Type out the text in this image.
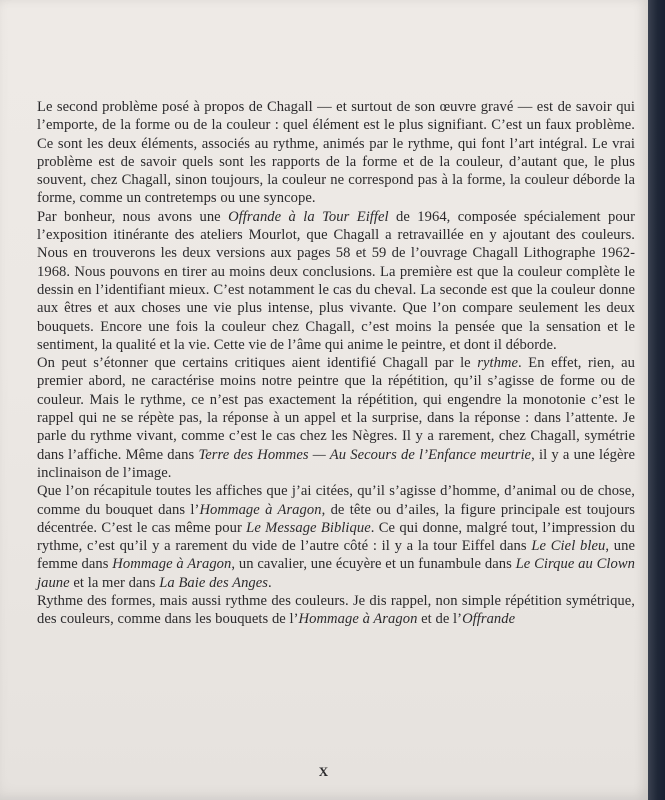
Le second problème posé à propos de Chagall — et surtout de son œuvre gravé — est de savoir qui l’emporte, de la forme ou de la couleur : quel élément est le plus signifiant. C’est un faux problème. Ce sont les deux éléments, associés au rythme, animés par le rythme, qui font l’art intégral. Le vrai problème est de savoir quels sont les rapports de la forme et de la couleur, d’autant que, le plus souvent, chez Chagall, sinon toujours, la couleur ne correspond pas à la forme, la couleur déborde la forme, comme un contretemps ou une syncope.

Par bonheur, nous avons une Offrande à la Tour Eiffel de 1964, composée spécialement pour l’exposition itinérante des ateliers Mourlot, que Chagall a retravaillée en y ajoutant des couleurs. Nous en trouverons les deux versions aux pages 58 et 59 de l’ouvrage Chagall Lithographe 1962-1968. Nous pouvons en tirer au moins deux conclusions. La première est que la couleur complète le dessin en l’identifiant mieux. C’est notamment le cas du cheval. La seconde est que la couleur donne aux êtres et aux choses une vie plus intense, plus vivante. Que l’on compare seulement les deux bouquets. Encore une fois la couleur chez Chagall, c’est moins la pensée que la sensation et le sentiment, la qualité et la vie. Cette vie de l’âme qui anime le peintre, et dont il déborde.

On peut s’étonner que certains critiques aient identifié Chagall par le rythme. En effet, rien, au premier abord, ne caractérise moins notre peintre que la répétition, qu’il s’agisse de forme ou de couleur. Mais le rythme, ce n’est pas exactement la répétition, qui engendre la monotonie c’est le rappel qui ne se répète pas, la réponse à un appel et la surprise, dans la réponse : dans l’attente. Je parle du rythme vivant, comme c’est le cas chez les Nègres. Il y a rarement, chez Chagall, symétrie dans l’affiche. Même dans Terre des Hommes — Au Secours de l’Enfance meurtrie, il y a une légère inclinaison de l’image.

Que l’on récapitule toutes les affiches que j’ai citées, qu’il s’agisse d’homme, d’animal ou de chose, comme du bouquet dans l’Hommage à Aragon, de tête ou d’ailes, la figure principale est toujours décentrée. C’est le cas même pour Le Message Biblique. Ce qui donne, malgré tout, l’impression du rythme, c’est qu’il y a rarement du vide de l’autre côté : il y a la tour Eiffel dans Le Ciel bleu, une femme dans Hommage à Aragon, un cavalier, une écuyère et un funambule dans Le Cirque au Clown jaune et la mer dans La Baie des Anges.

Rythme des formes, mais aussi rythme des couleurs. Je dis rappel, non simple répétition symétrique, des couleurs, comme dans les bouquets de l’Hommage à Aragon et de l’Offrande

X
